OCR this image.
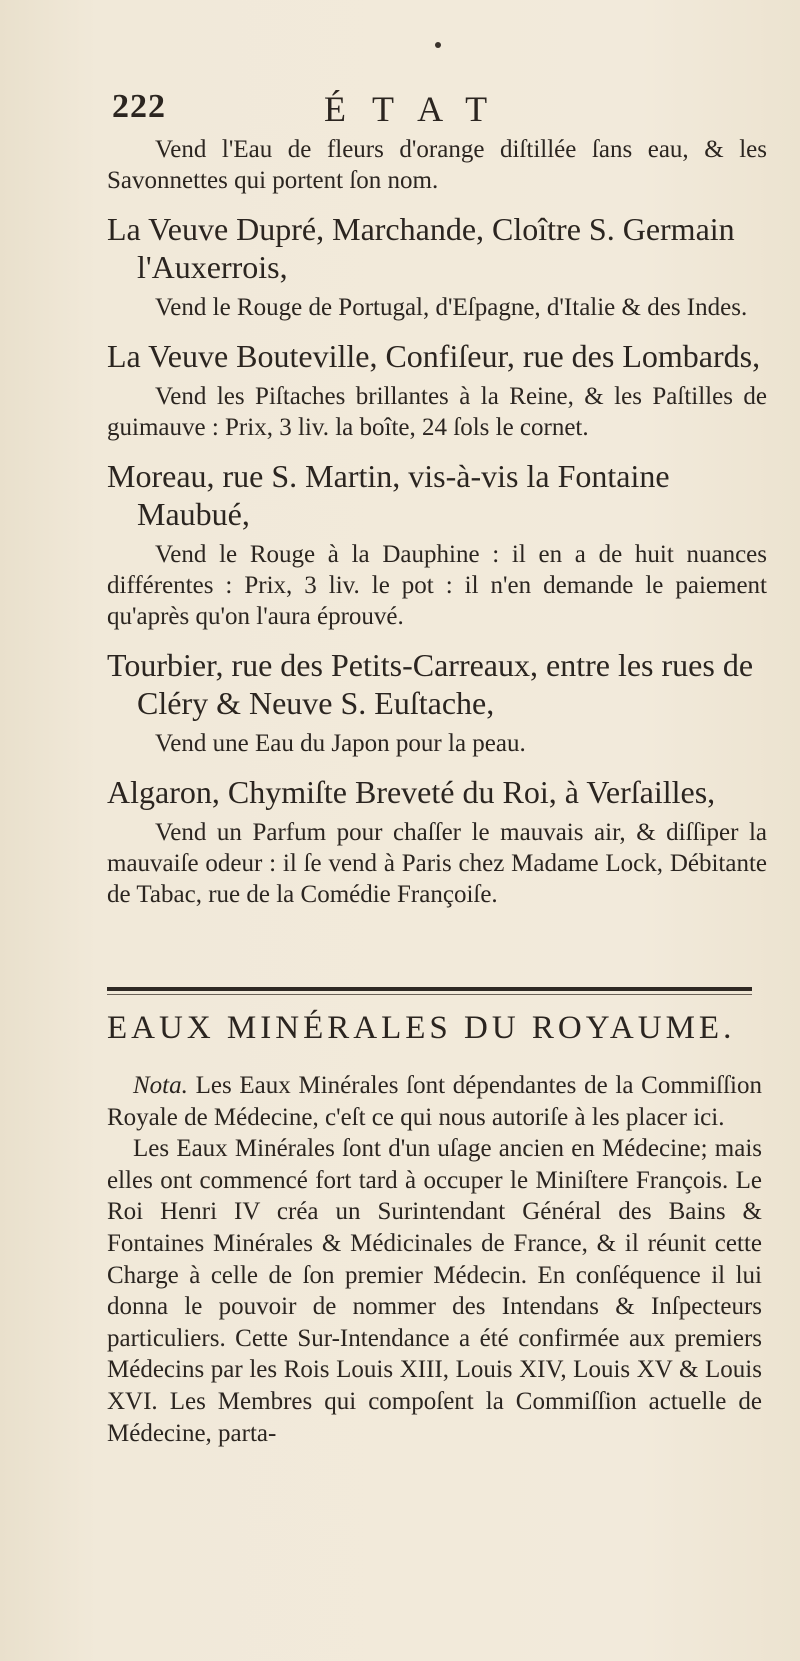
222	ÉTAT
Vend l'Eau de fleurs d'orange diſtillée ſans eau, & les Savonnettes qui portent ſon nom.
La Veuve Dupré, Marchande, Cloître S. Germain l'Auxerrois,
Vend le Rouge de Portugal, d'Eſpagne, d'Italie & des Indes.
La Veuve Bouteville, Confiſeur, rue des Lombards,
Vend les Piſtaches brillantes à la Reine, & les Paſtilles de guimauve : Prix, 3 liv. la boîte, 24 ſols le cornet.
Moreau, rue S. Martin, vis-à-vis la Fontaine Maubué,
Vend le Rouge à la Dauphine : il en a de huit nuances différentes : Prix, 3 liv. le pot : il n'en demande le paiement qu'après qu'on l'aura éprouvé.
Tourbier, rue des Petits-Carreaux, entre les rues de Cléry & Neuve S. Euſtache,
Vend une Eau du Japon pour la peau.
Algaron, Chymiſte Breveté du Roi, à Verſailles,
Vend un Parfum pour chaſſer le mauvais air, & diſſiper la mauvaiſe odeur : il ſe vend à Paris chez Madame Lock, Débitante de Tabac, rue de la Comédie Françoiſe.
EAUX MINÉRALES DU ROYAUME.

Nota. Les Eaux Minérales ſont dépendantes de la Commiſſion Royale de Médecine, c'eſt ce qui nous autoriſe à les placer ici.

Les Eaux Minérales ſont d'un uſage ancien en Médecine; mais elles ont commencé fort tard à occuper le Miniſtere François. Le Roi Henri IV créa un Surintendant Général des Bains & Fontaines Minérales & Médicinales de France, & il réunit cette Charge à celle de ſon premier Médecin. En conſéquence il lui donna le pouvoir de nommer des Intendans & Inſpecteurs particuliers. Cette Sur-Intendance a été confirmée aux premiers Médecins par les Rois Louis XIII, Louis XIV, Louis XV & Louis XVI. Les Membres qui compoſent la Commiſſion actuelle de Médecine, parta-
